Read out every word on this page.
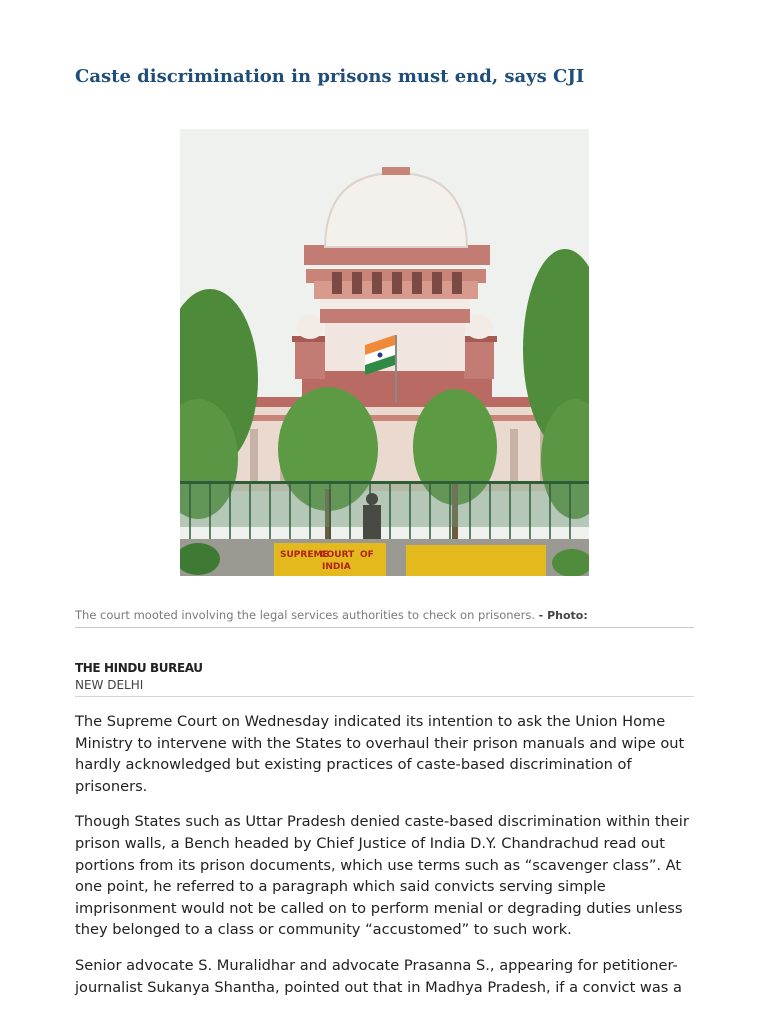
Caste discrimination in prisons must end, says CJI
SUPREME
COURT OF
INDIA
The court mooted involving the legal services authorities to check on prisoners. - Photo:
THE HINDU BUREAU
NEW DELHI

The Supreme Court on Wednesday indicated its intention to ask the Union Home Ministry to intervene with the States to overhaul their prison manuals and wipe out hardly acknowledged but existing practices of caste-based discrimination of prisoners.

Though States such as Uttar Pradesh denied caste-based discrimination within their prison walls, a Bench headed by Chief Justice of India D.Y. Chandrachud read out portions from its prison documents, which use terms such as “scavenger class”. At one point, he referred to a paragraph which said convicts serving simple imprisonment would not be called on to perform menial or degrading duties unless they belonged to a class or community “accustomed” to such work.

Senior advocate S. Muralidhar and advocate Prasanna S., appearing for petitioner-journalist Sukanya Shantha, pointed out that in Madhya Pradesh, if a convict was a
